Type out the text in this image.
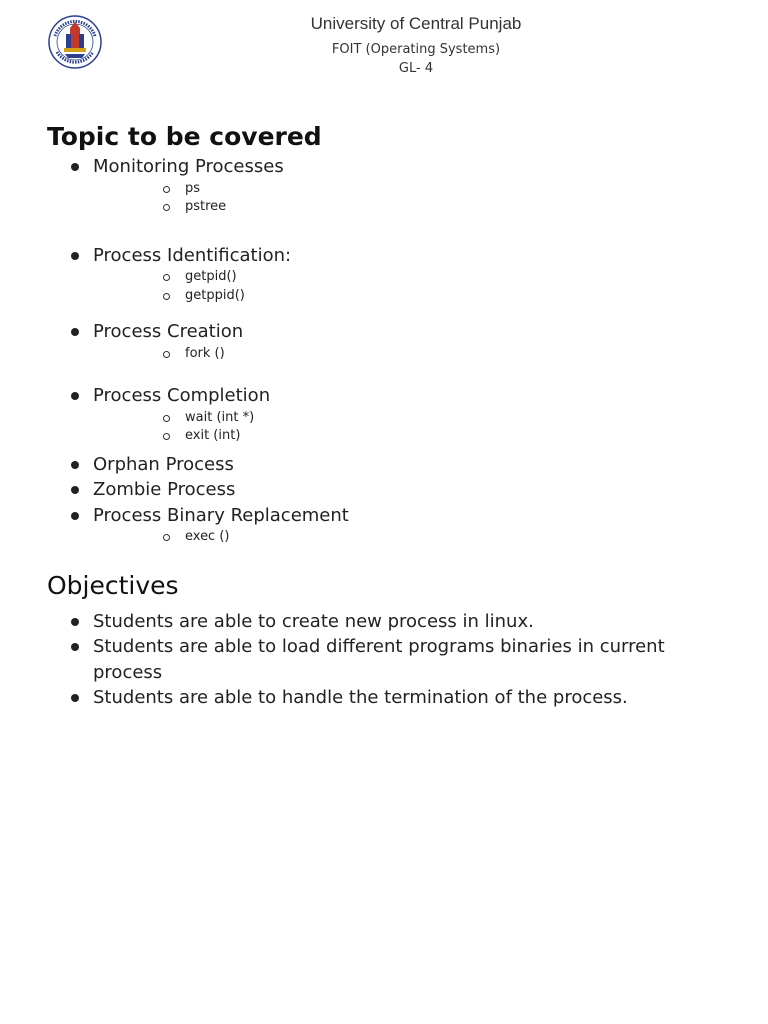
University of Central Punjab
FOIT (Operating Systems)
GL- 4
Topic to be covered
Monitoring Processes
ps
pstree
Process Identification:
getpid()
getppid()
Process Creation
fork ()
Process Completion
wait (int *)
exit (int)
Orphan Process
Zombie Process
Process Binary Replacement
exec ()
Objectives
Students are able to create new process in linux.
Students are able to load different programs binaries in current process
Students are able to handle the termination of the process.
